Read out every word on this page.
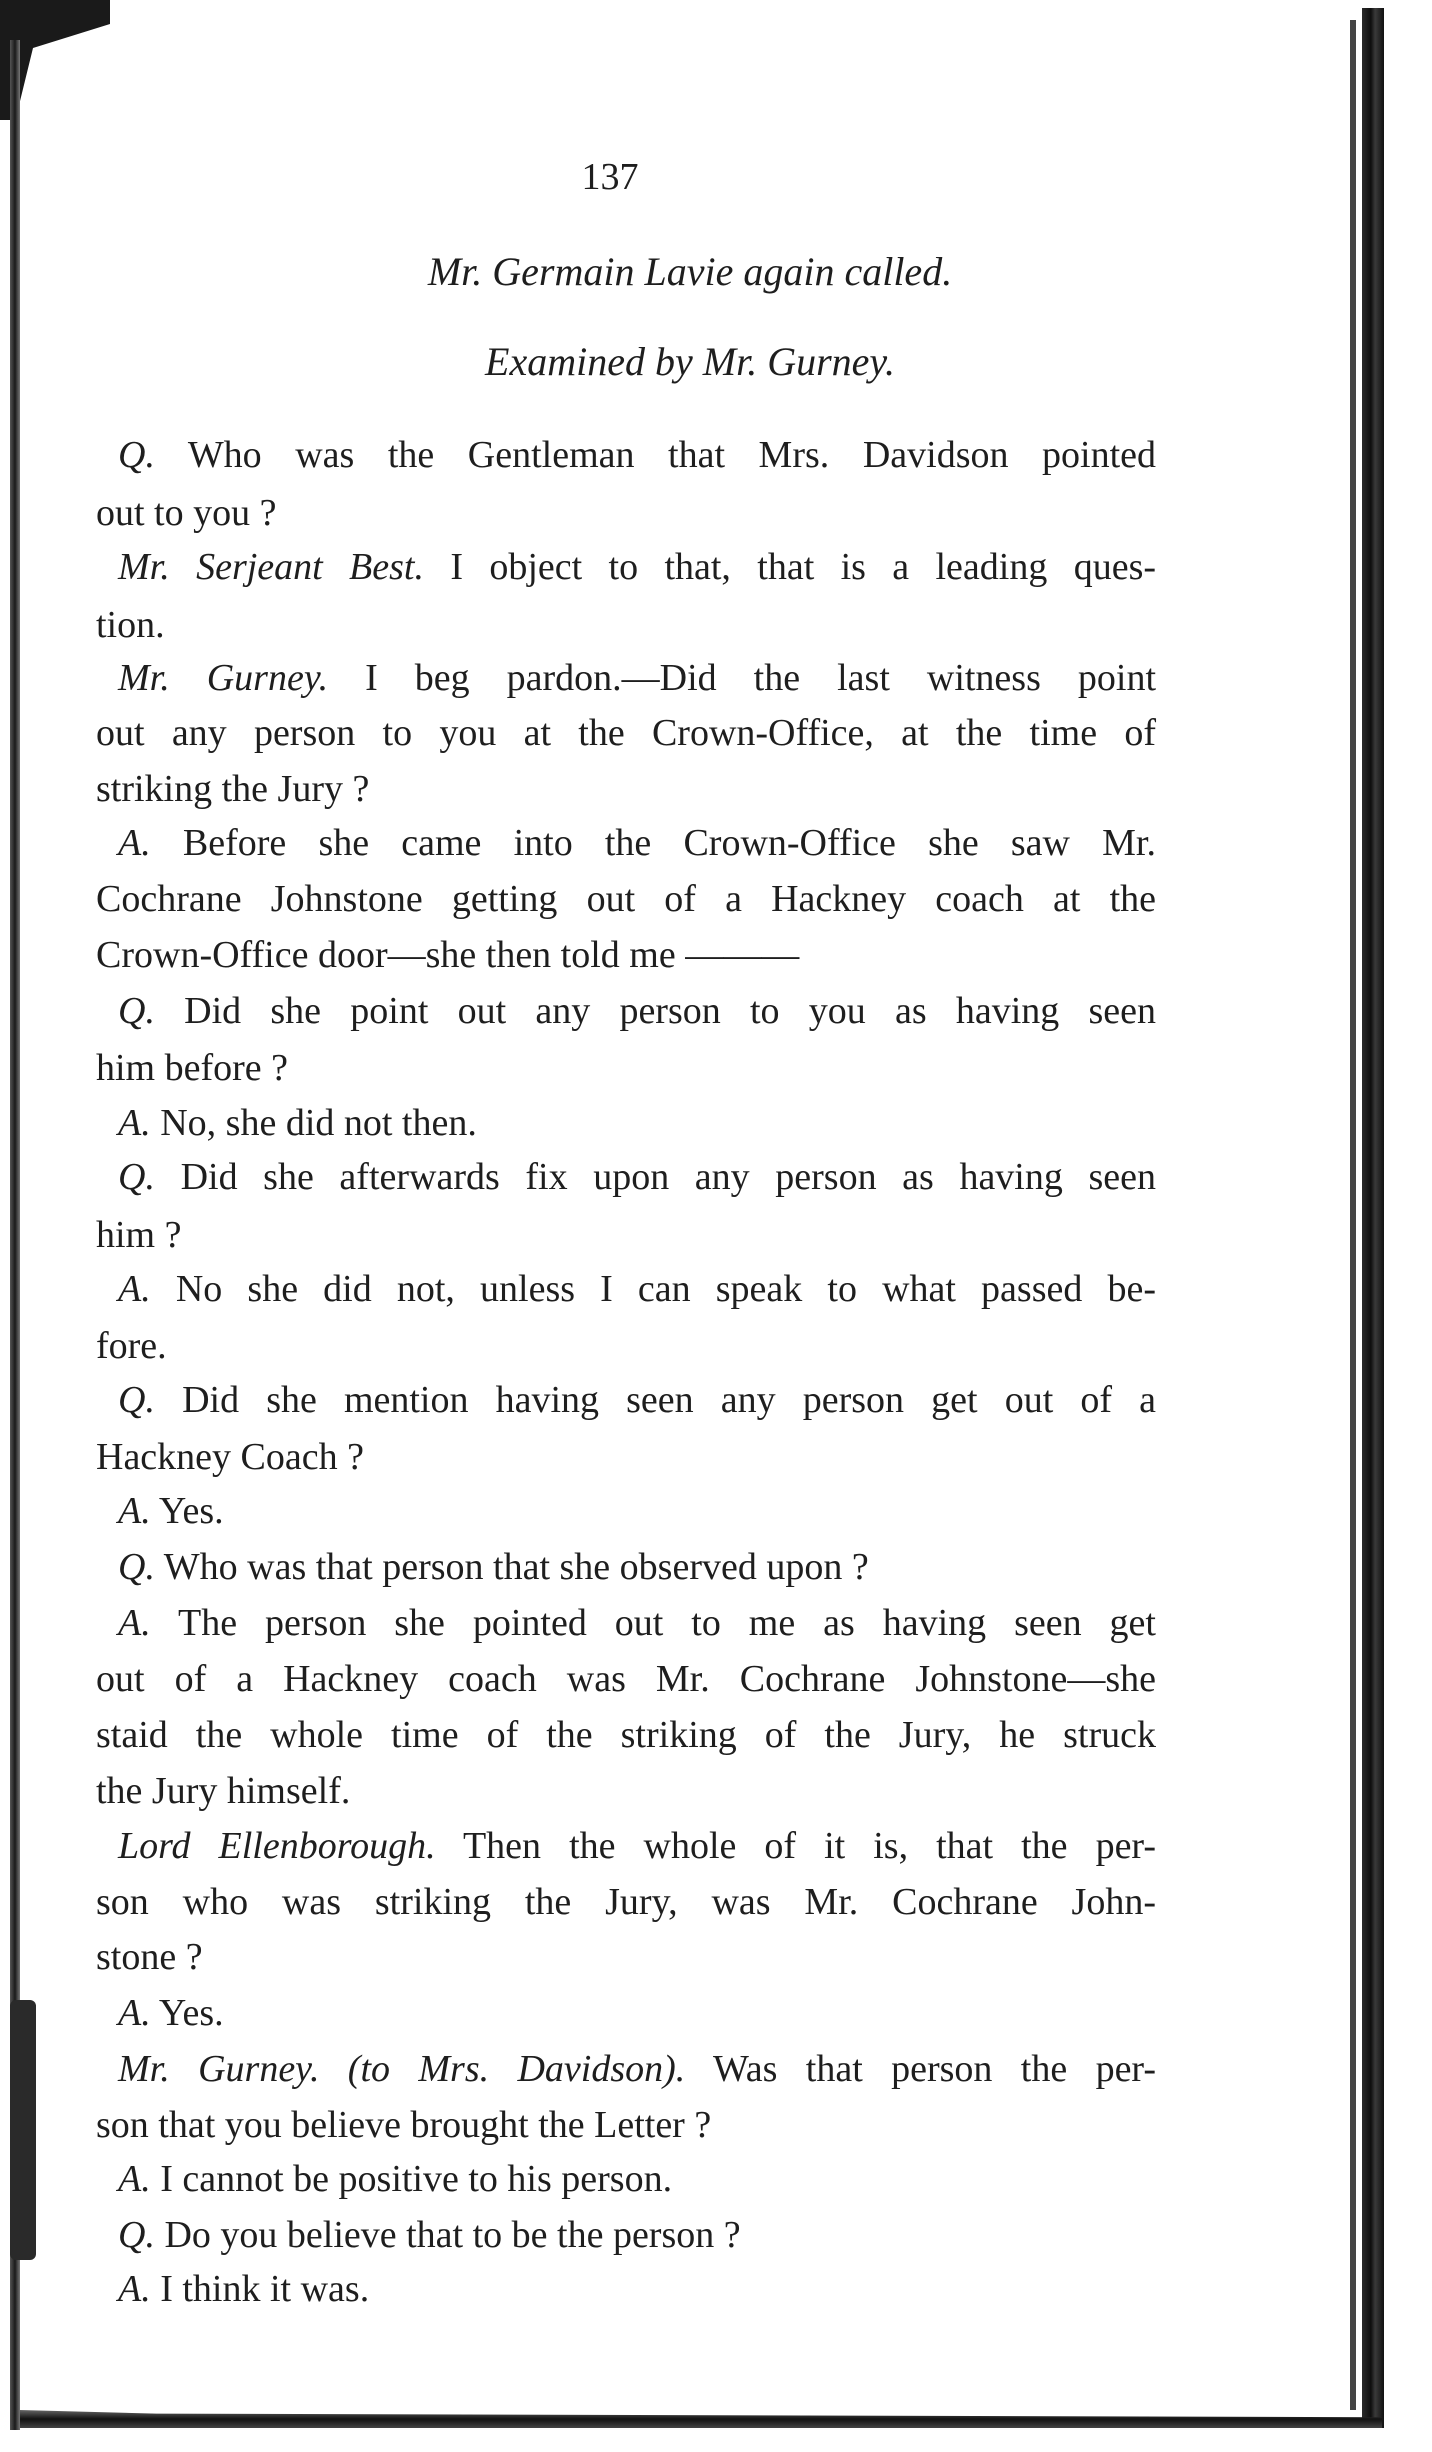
137
Mr. Germain Lavie again called.
Examined by Mr. Gurney.
Q. Who was the Gentleman that Mrs. Davidson pointed
out to you ?
Mr. Serjeant Best. I object to that, that is a leading ques-
tion.
Mr. Gurney. I beg pardon.—Did the last witness point
out any person to you at the Crown-Office, at the time of
striking the Jury ?
A. Before she came into the Crown-Office she saw Mr.
Cochrane Johnstone getting out of a Hackney coach at the
Crown-Office door—she then told me ———
Q. Did she point out any person to you as having seen
him before ?
A. No, she did not then.
Q. Did she afterwards fix upon any person as having seen
him ?
A. No she did not, unless I can speak to what passed be-
fore.
Q. Did she mention having seen any person get out of a
Hackney Coach ?
A. Yes.
Q. Who was that person that she observed upon ?
A. The person she pointed out to me as having seen get
out of a Hackney coach was Mr. Cochrane Johnstone—she
staid the whole time of the striking of the Jury, he struck
the Jury himself.
Lord Ellenborough. Then the whole of it is, that the per-
son who was striking the Jury, was Mr. Cochrane John-
stone ?
A. Yes.
Mr. Gurney. (to Mrs. Davidson). Was that person the per-
son that you believe brought the Letter ?
A. I cannot be positive to his person.
Q. Do you believe that to be the person ?
A. I think it was.
